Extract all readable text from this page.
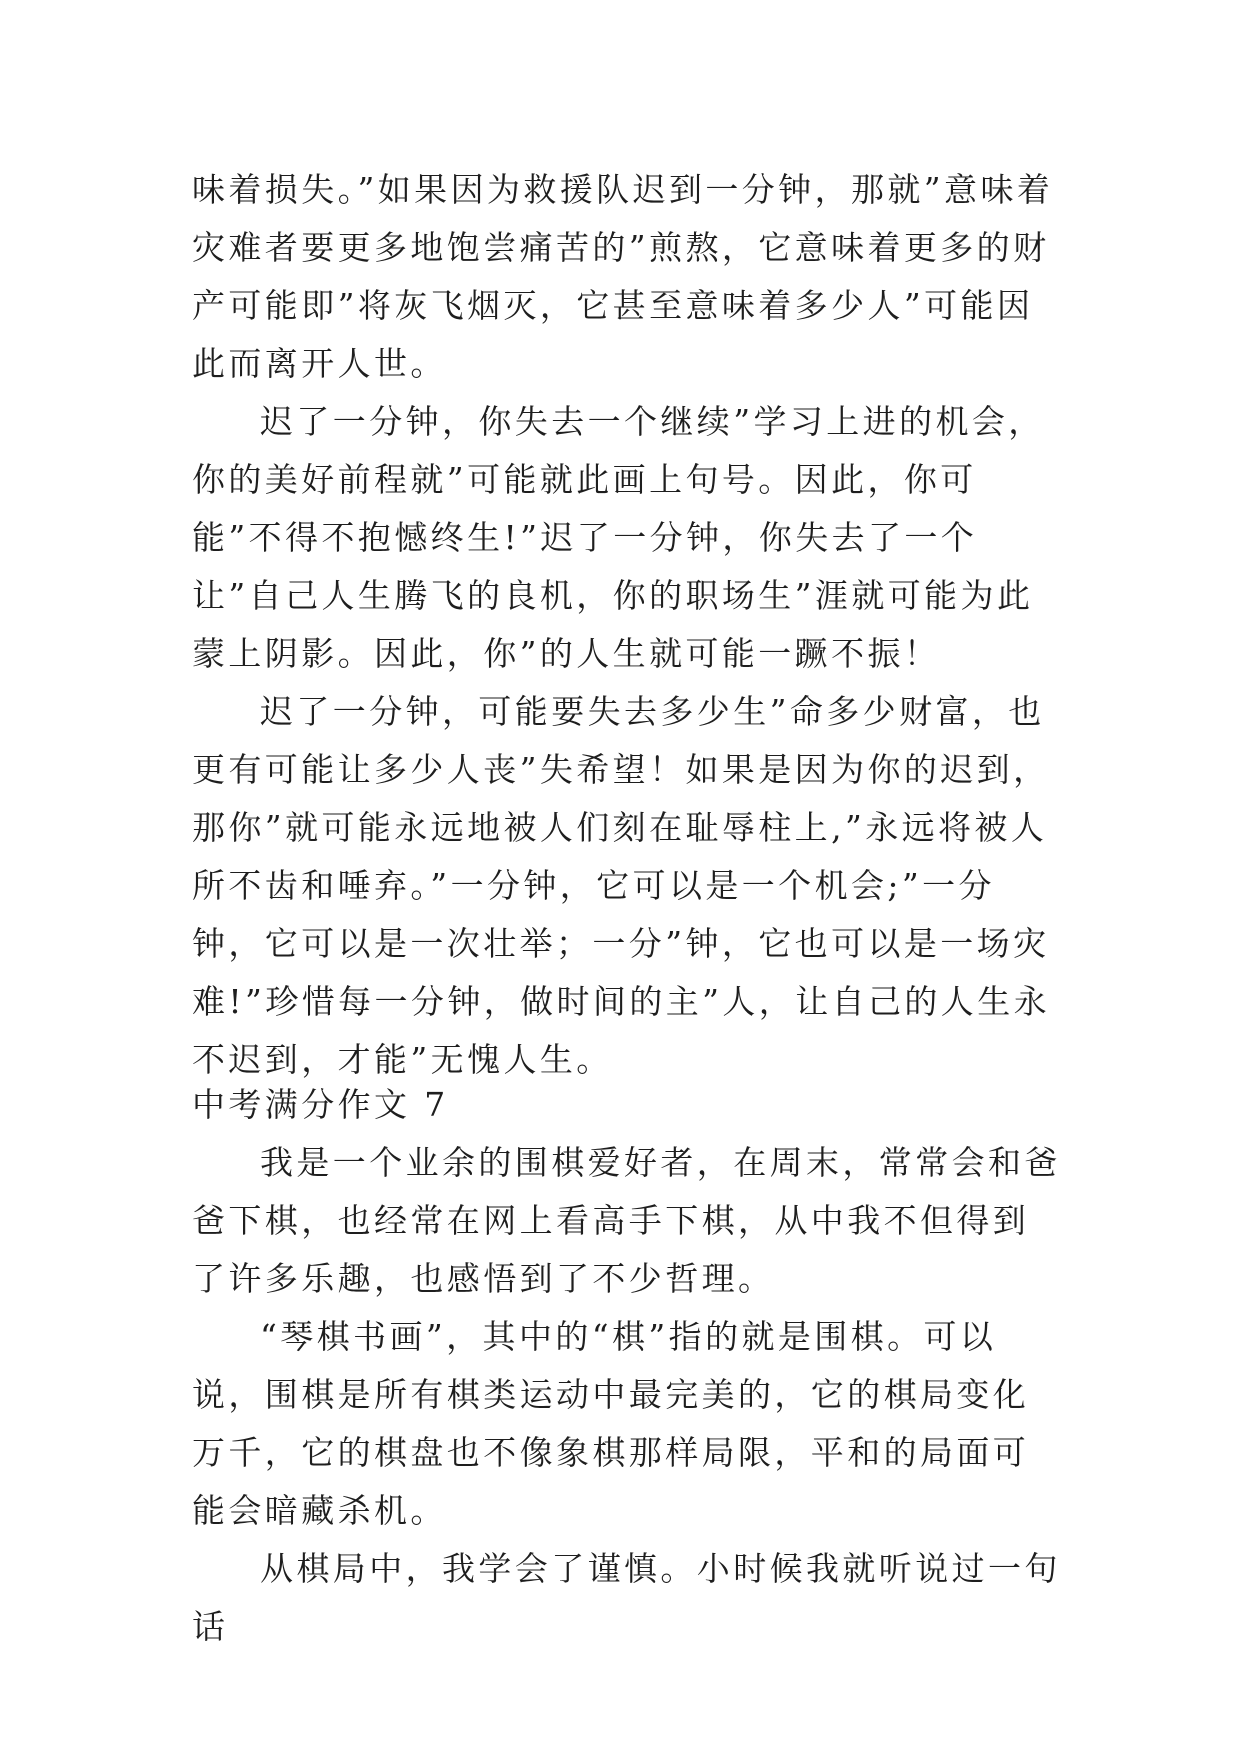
味着损失。”如果因为救援队迟到一分钟，那就”意味着灾难者要更多地饱尝痛苦的”煎熬，它意味着更多的财产可能即”将灰飞烟灭，它甚至意味着多少人”可能因此而离开人世。

迟了一分钟，你失去一个继续”学习上进的机会，你的美好前程就”可能就此画上句号。因此，你可能”不得不抱憾终生!”迟了一分钟，你失去了一个让”自己人生腾飞的良机，你的职场生”涯就可能为此蒙上阴影。因此，你”的人生就可能一蹶不振！

迟了一分钟，可能要失去多少生”命多少财富，也更有可能让多少人丧”失希望！如果是因为你的迟到，那你”就可能永远地被人们刻在耻辱柱上,”永远将被人所不齿和唾弃。”一分钟，它可以是一个机会;”一分钟，它可以是一次壮举；一分”钟，它也可以是一场灾难!”珍惜每一分钟，做时间的主”人，让自己的人生永不迟到，才能”无愧人生。

中考满分作文 7

我是一个业余的围棋爱好者，在周末，常常会和爸爸下棋，也经常在网上看高手下棋，从中我不但得到了许多乐趣，也感悟到了不少哲理。

“琴棋书画”，其中的“棋”指的就是围棋。可以说，围棋是所有棋类运动中最完美的，它的棋局变化万千，它的棋盘也不像象棋那样局限，平和的局面可能会暗藏杀机。

从棋局中，我学会了谨慎。小时候我就听说过一句话
